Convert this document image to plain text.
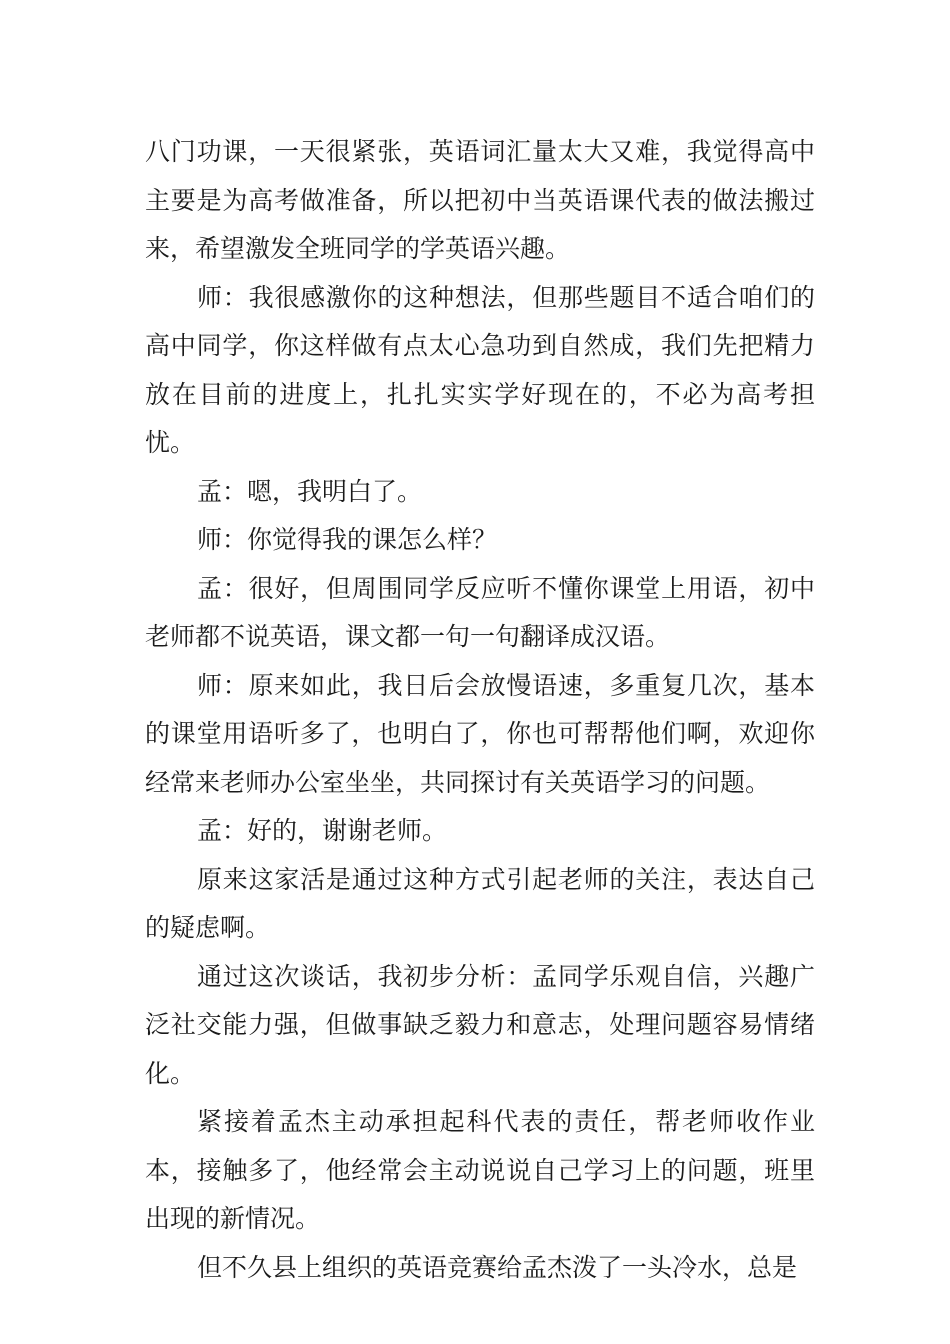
八门功课，一天很紧张，英语词汇量太大又难，我觉得高中主要是为高考做准备，所以把初中当英语课代表的做法搬过来，希望激发全班同学的学英语兴趣。

师：我很感激你的这种想法，但那些题目不适合咱们的高中同学，你这样做有点太心急功到自然成，我们先把精力放在目前的进度上，扎扎实实学好现在的，不必为高考担忧。

孟：嗯，我明白了。

师：你觉得我的课怎么样？

孟：很好，但周围同学反应听不懂你课堂上用语，初中老师都不说英语，课文都一句一句翻译成汉语。

师：原来如此，我日后会放慢语速，多重复几次，基本的课堂用语听多了，也明白了，你也可帮帮他们啊，欢迎你经常来老师办公室坐坐，共同探讨有关英语学习的问题。

孟：好的，谢谢老师。

原来这家活是通过这种方式引起老师的关注，表达自己的疑虑啊。

通过这次谈话，我初步分析：孟同学乐观自信，兴趣广泛社交能力强，但做事缺乏毅力和意志，处理问题容易情绪化。

紧接着孟杰主动承担起科代表的责任，帮老师收作业本，接触多了，他经常会主动说说自己学习上的问题，班里出现的新情况。

但不久县上组织的英语竞赛给孟杰泼了一头冷水，总是
